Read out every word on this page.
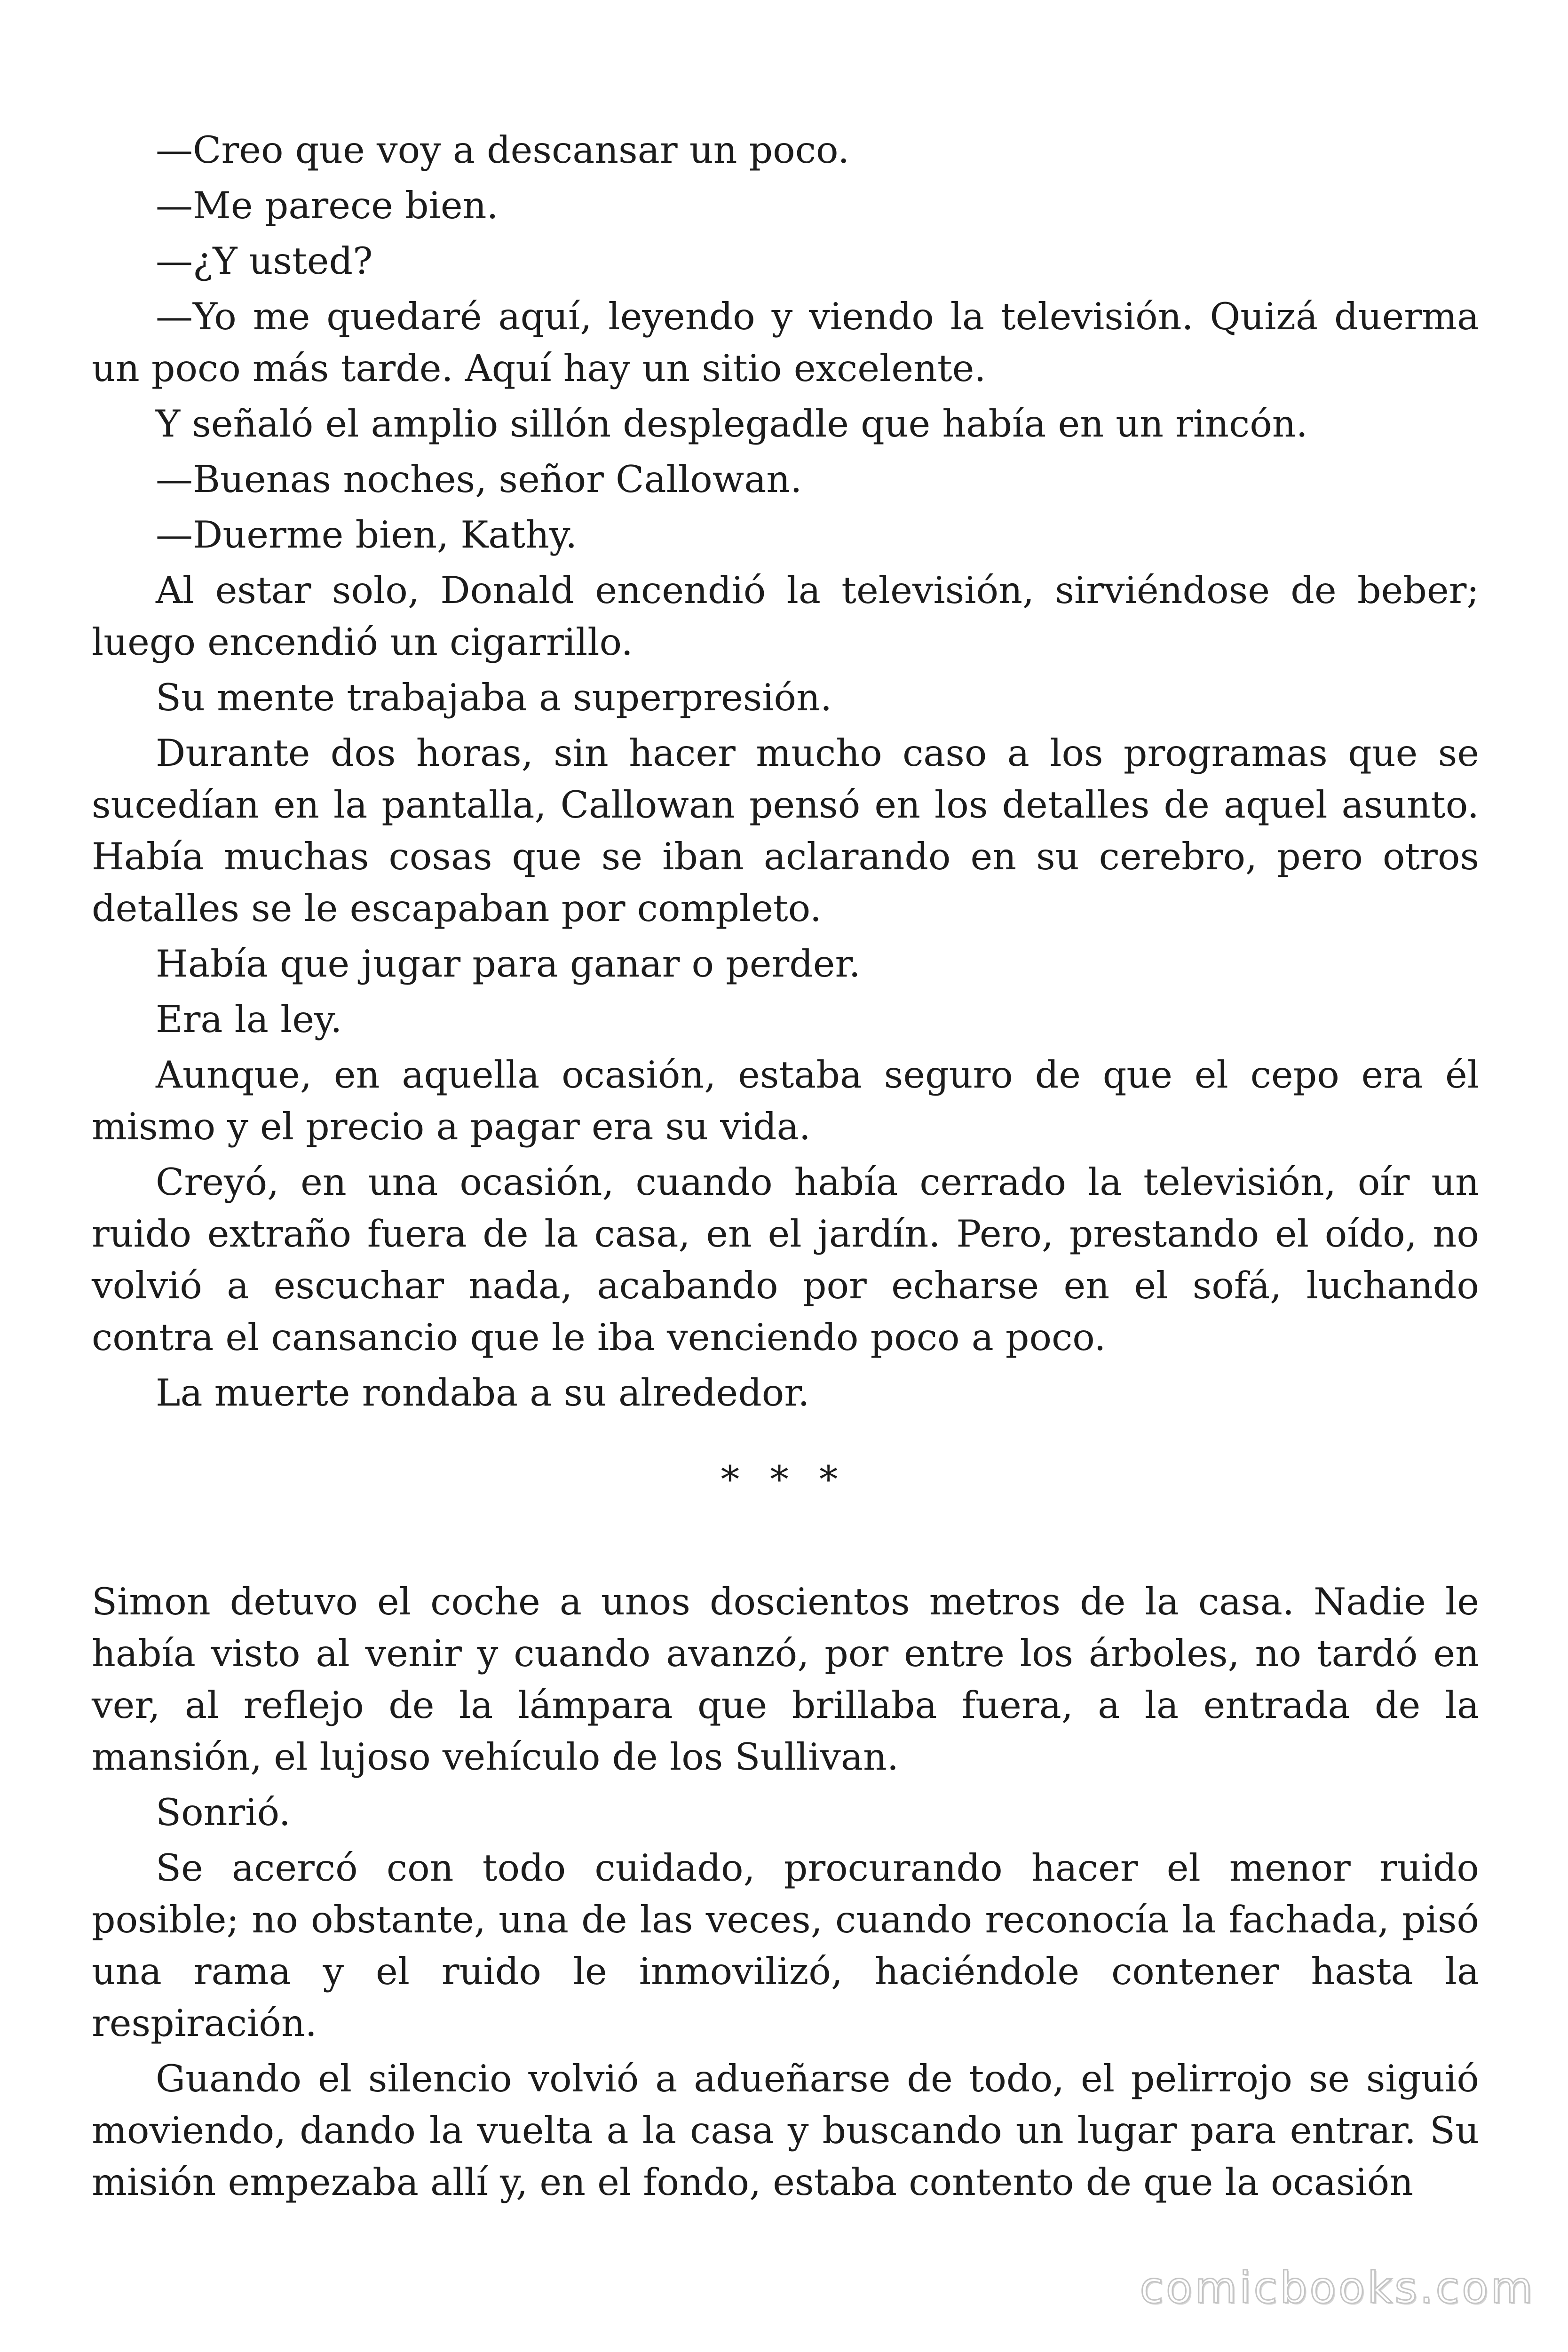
—Creo que voy a descansar un poco.

—Me parece bien.

—¿Y usted?

—Yo me quedaré aquí, leyendo y viendo la televisión. Quizá duerma un poco más tarde. Aquí hay un sitio excelente.

Y señaló el amplio sillón desplegadle que había en un rincón.

—Buenas noches, señor Callowan.

—Duerme bien, Kathy.

Al estar solo, Donald encendió la televisión, sirviéndose de beber; luego encendió un cigarrillo.

Su mente trabajaba a superpresión.

Durante dos horas, sin hacer mucho caso a los programas que se sucedían en la pantalla, Callowan pensó en los detalles de aquel asunto. Había muchas cosas que se iban aclarando en su cerebro, pero otros detalles se le escapaban por completo.

Había que jugar para ganar o perder.

Era la ley.

Aunque, en aquella ocasión, estaba seguro de que el cepo era él mismo y el precio a pagar era su vida.

Creyó, en una ocasión, cuando había cerrado la televisión, oír un ruido extraño fuera de la casa, en el jardín. Pero, prestando el oído, no volvió a escuchar nada, acabando por echarse en el sofá, luchando contra el cansancio que le iba venciendo poco a poco.

La muerte rondaba a su alrededor.

* * *

Simon detuvo el coche a unos doscientos metros de la casa. Nadie le había visto al venir y cuando avanzó, por entre los árboles, no tardó en ver, al reflejo de la lámpara que brillaba fuera, a la entrada de la mansión, el lujoso vehículo de los Sullivan.

Sonrió.

Se acercó con todo cuidado, procurando hacer el menor ruido posible; no obstante, una de las veces, cuando reconocía la fachada, pisó una rama y el ruido le inmovilizó, haciéndole contener hasta la respiración.

Guando el silencio volvió a adueñarse de todo, el pelirrojo se siguió moviendo, dando la vuelta a la casa y buscando un lugar para entrar. Su misión empezaba allí y, en el fondo, estaba contento de que la ocasión

comicbooks.com
